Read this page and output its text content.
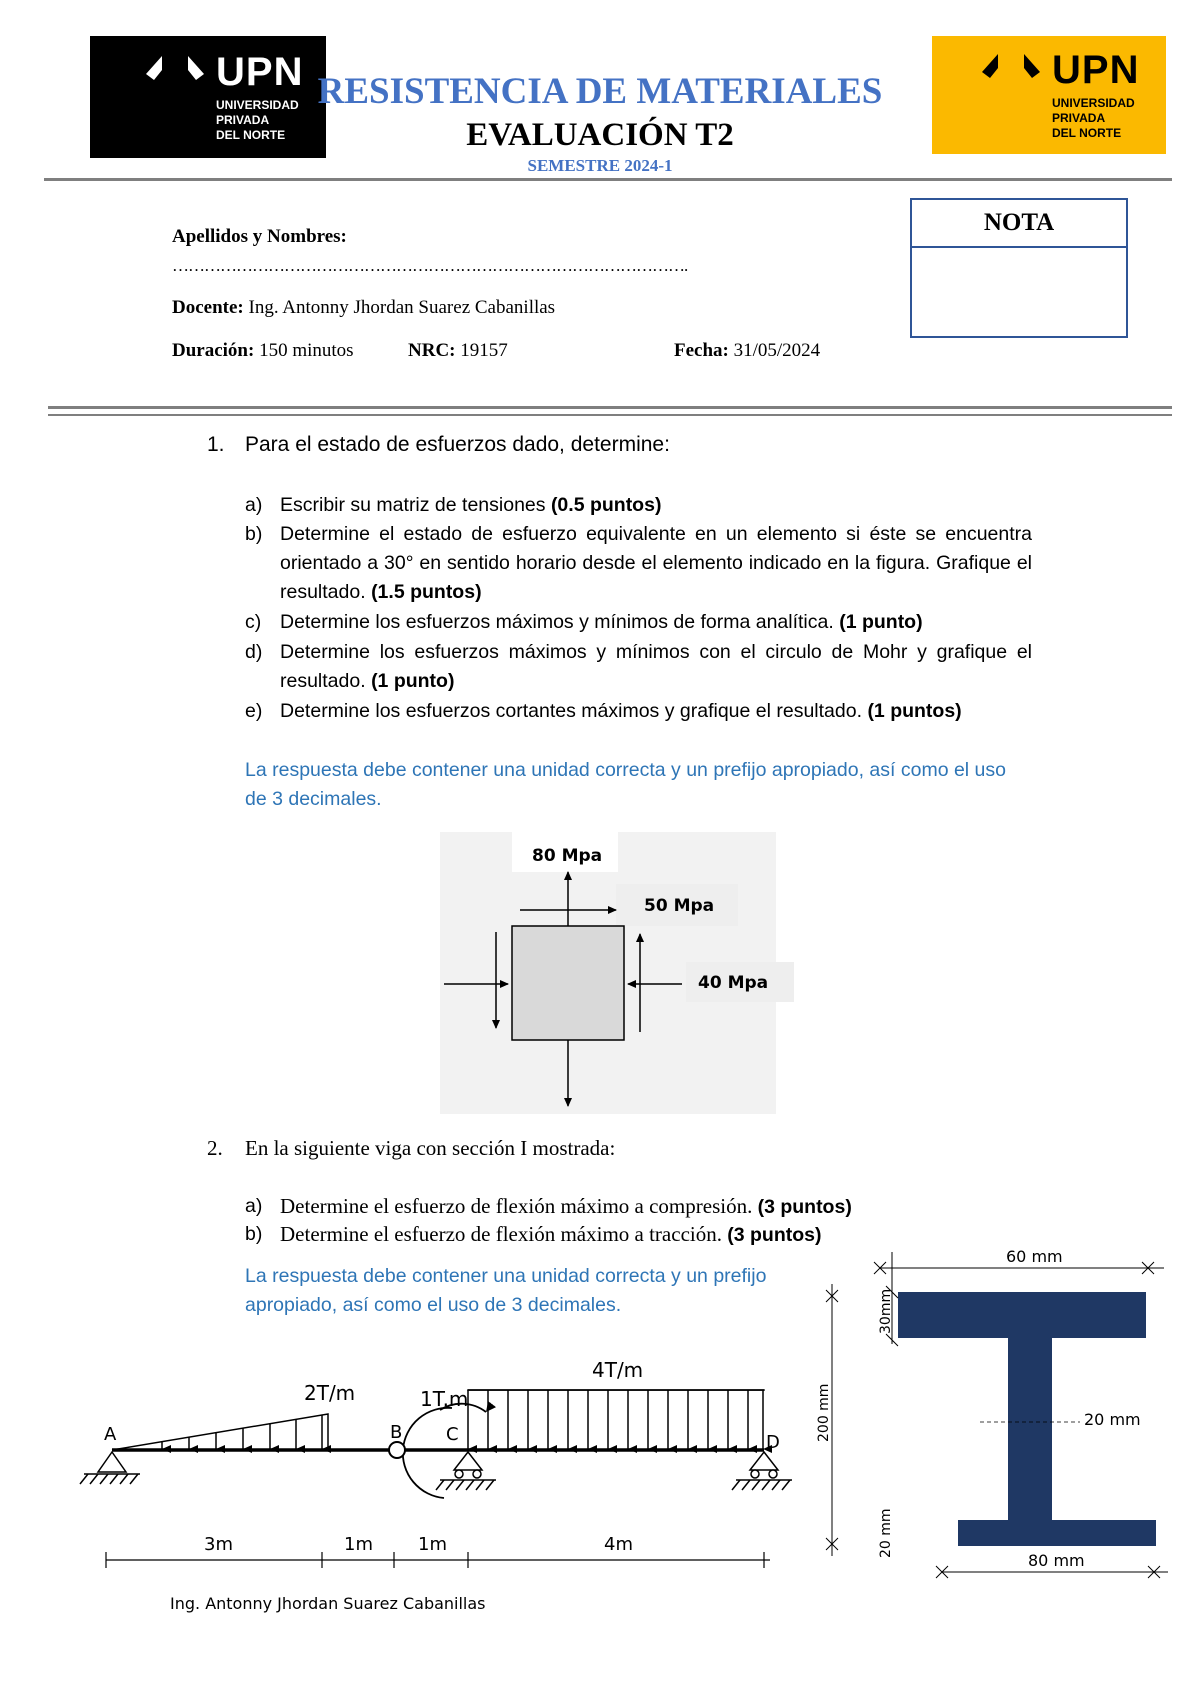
UPN
UNIVERSIDAD
PRIVADA
DEL NORTE
UPN
UNIVERSIDAD
PRIVADA
DEL NORTE
RESISTENCIA DE MATERIALES
EVALUACIÓN T2
SEMESTRE 2024-1
Apellidos y Nombres:
…………………………………………………………………………………….
Docente: Ing. Antonny Jhordan Suarez Cabanillas
Duración: 150 minutos	NRC: 19157	Fecha: 31/05/2024
NOTA
1. Para el estado de esfuerzos dado, determine:
a) Escribir su matriz de tensiones (0.5 puntos)
b) Determine el estado de esfuerzo equivalente en un elemento si éste se encuentra orientado a 30° en sentido horario desde el elemento indicado en la figura. Grafique el resultado. (1.5 puntos)
c) Determine los esfuerzos máximos y mínimos de forma analítica. (1 punto)
d) Determine los esfuerzos máximos y mínimos con el circulo de Mohr y grafique el resultado. (1 punto)
e) Determine los esfuerzos cortantes máximos y grafique el resultado. (1 puntos)
La respuesta debe contener una unidad correcta y un prefijo apropiado, así como el uso de 3 decimales.
80 Mpa
50 Mpa
40 Mpa
2. En la siguiente viga con sección I mostrada:
a) Determine el esfuerzo de flexión máximo a compresión. (3 puntos)
b) Determine el esfuerzo de flexión máximo a tracción. (3 puntos)
La respuesta debe contener una unidad correcta y un prefijo apropiado, así como el uso de 3 decimales.
2T/m
4T/m
1T.m
A	B C	D
3m	1m	1m	4m
60 mm
80 mm
20 mm
200 mm
30mm
20 mm
Ing. Antonny Jhordan Suarez Cabanillas
